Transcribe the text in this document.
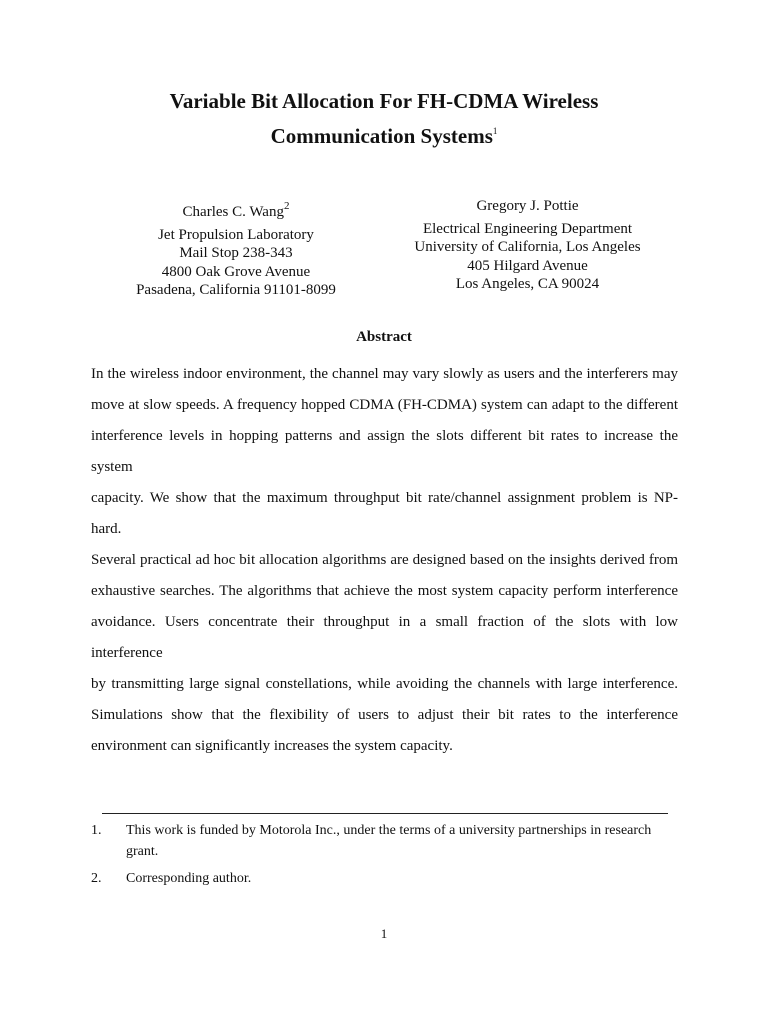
Variable Bit Allocation For FH-CDMA Wireless
Communication Systems$^1$
Charles C. Wang$^2$
Jet Propulsion Laboratory
Mail Stop 238-343
4800 Oak Grove Avenue
Pasadena, California 91101-8099
Gregory J. Pottie
Electrical Engineering Department
University of California, Los Angeles
405 Hilgard Avenue
Los Angeles, CA 90024
Abstract
In the wireless indoor environment, the channel may vary slowly as users and the interferers may
move at slow speeds. A frequency hopped CDMA (FH-CDMA) system can adapt to the different
interference levels in hopping patterns and assign the slots different bit rates to increase the system
capacity. We show that the maximum throughput bit rate/channel assignment problem is NP-hard.
Several practical ad hoc bit allocation algorithms are designed based on the insights derived from
exhaustive searches. The algorithms that achieve the most system capacity perform interference
avoidance. Users concentrate their throughput in a small fraction of the slots with low interference
by transmitting large signal constellations, while avoiding the channels with large interference.
Simulations show that the flexibility of users to adjust their bit rates to the interference
environment can significantly increases the system capacity.
1. This work is funded by Motorola Inc., under the terms of a university partnerships in research grant.
2. Corresponding author.
1
